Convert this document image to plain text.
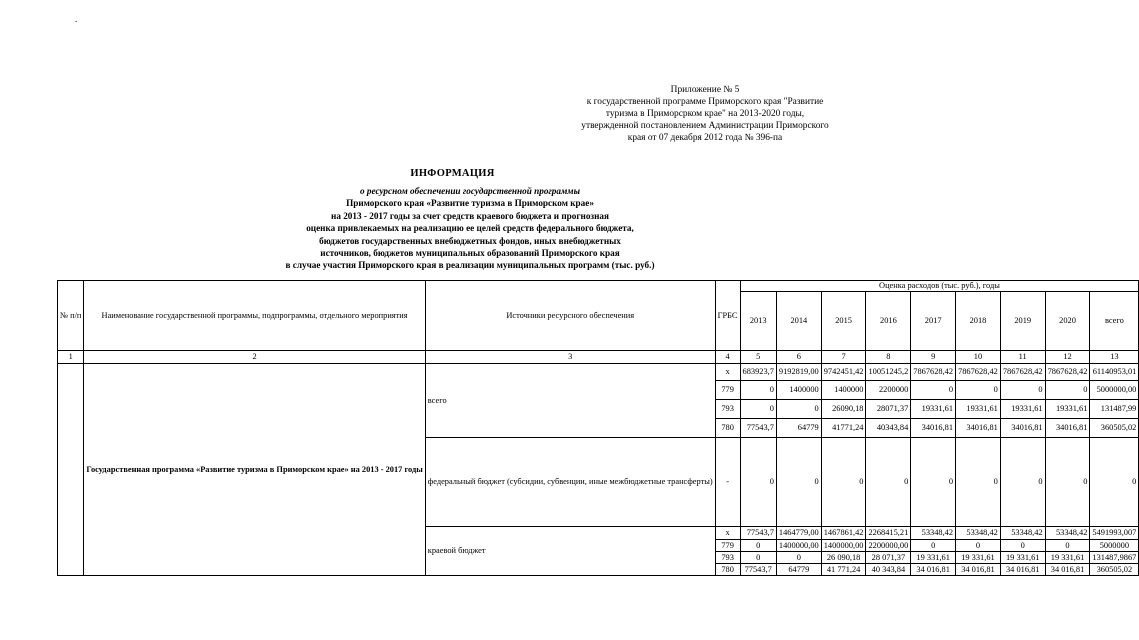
.
Приложение № 5
к государственной программе Приморского края "Развитие
туризма в Приморсрком крае" на 2013-2020 годы,
утвержденной постановлением Администрации Приморского
края от 07 декабря 2012 года № 396-па
ИНФОРМАЦИЯ
о ресурсном обеспечении государственной программы
Приморского края «Развитие туризма в Приморском крае»
на 2013 - 2017 годы за счет средств краевого бюджета и прогнозная
оценка привлекаемых на реализацию ее целей средств федерального бюджета,
бюджетов государственных внебюджетных фондов, иных внебюджетных
источников, бюджетов муниципальных образований Приморского края
в случае участия Приморского края в реализации муниципальных программ (тыс. руб.)
№ п/п	Наименование государственной программы, подпрограммы, отдельного мероприятия	Источники ресурсного обеспечения	ГРБС	Оценка расходов (тыс. руб.), годы								
				2013	2014	2015	2016	2017	2018	2019	2020	всего
1	2	3	4	5	6	7	8	9	10	11	12	13
	Государственная программа «Развитие туризма в Приморском крае» на 2013 - 2017 годы	всего	x	683923,7	9192819,00	9742451,42	10051245,2	7867628,42	7867628,42	7867628,42	7867628,42	61140953,01
			779	0	1400000	1400000	2200000	0	0	0	0	5000000,00
			793	0	0	26090,18	28071,37	19331,61	19331,61	19331,61	19331,61	131487,99
			780	77543,7	64779	41771,24	40343,84	34016,81	34016,81	34016,81	34016,81	360505,02
		федеральный бюджет (субсидии, субвенции, иные межбюджетные трансферты)	-	0	0	0	0	0	0	0	0	0
		краевой бюджет	x	77543,7	1464779,00	1467861,42	2268415,21	53348,42	53348,42	53348,42	53348,42	5491993,007
			779	0	1400000,00	1400000,00	2200000,00	0	0	0	0	5000000
			793	0	0	26 090,18	28 071,37	19 331,61	19 331,61	19 331,61	19 331,61	131487,9867
			780	77543,7	64779	41 771,24	40 343,84	34 016,81	34 016,81	34 016,81	34 016,81	360505,02
